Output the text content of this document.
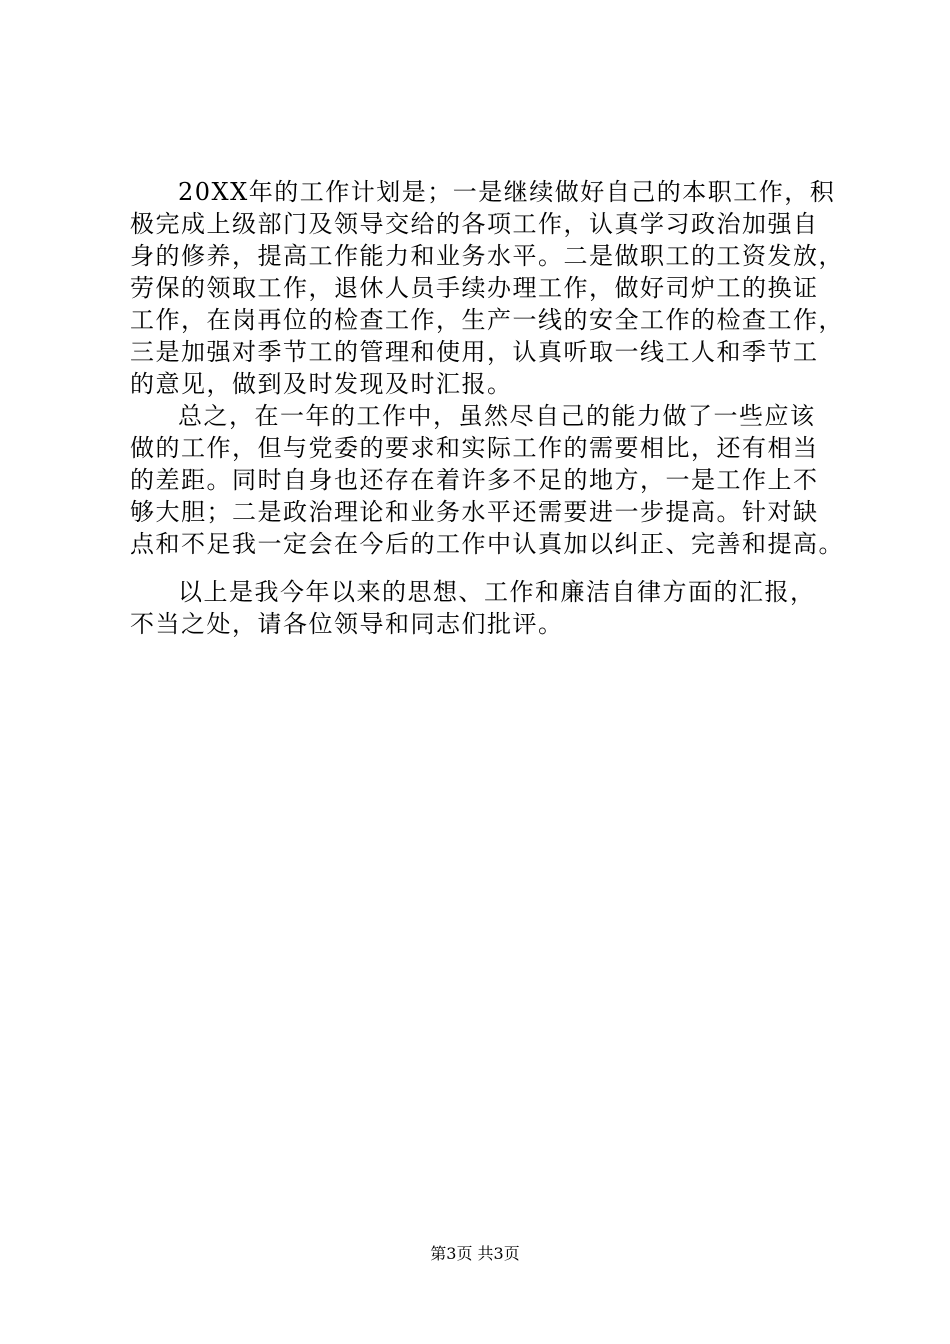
20XX年的工作计划是；一是继续做好自己的本职工作，积
极完成上级部门及领导交给的各项工作，认真学习政治加强自
身的修养，提高工作能力和业务水平。二是做职工的工资发放，
劳保的领取工作，退休人员手续办理工作，做好司炉工的换证
工作，在岗再位的检查工作，生产一线的安全工作的检查工作，
三是加强对季节工的管理和使用，认真听取一线工人和季节工
的意见，做到及时发现及时汇报。
总之，在一年的工作中，虽然尽自己的能力做了一些应该
做的工作，但与党委的要求和实际工作的需要相比，还有相当
的差距。同时自身也还存在着许多不足的地方，一是工作上不
够大胆；二是政治理论和业务水平还需要进一步提高。针对缺
点和不足我一定会在今后的工作中认真加以纠正、完善和提高。
以上是我今年以来的思想、工作和廉洁自律方面的汇报，
不当之处，请各位领导和同志们批评。
第3页 共3页
